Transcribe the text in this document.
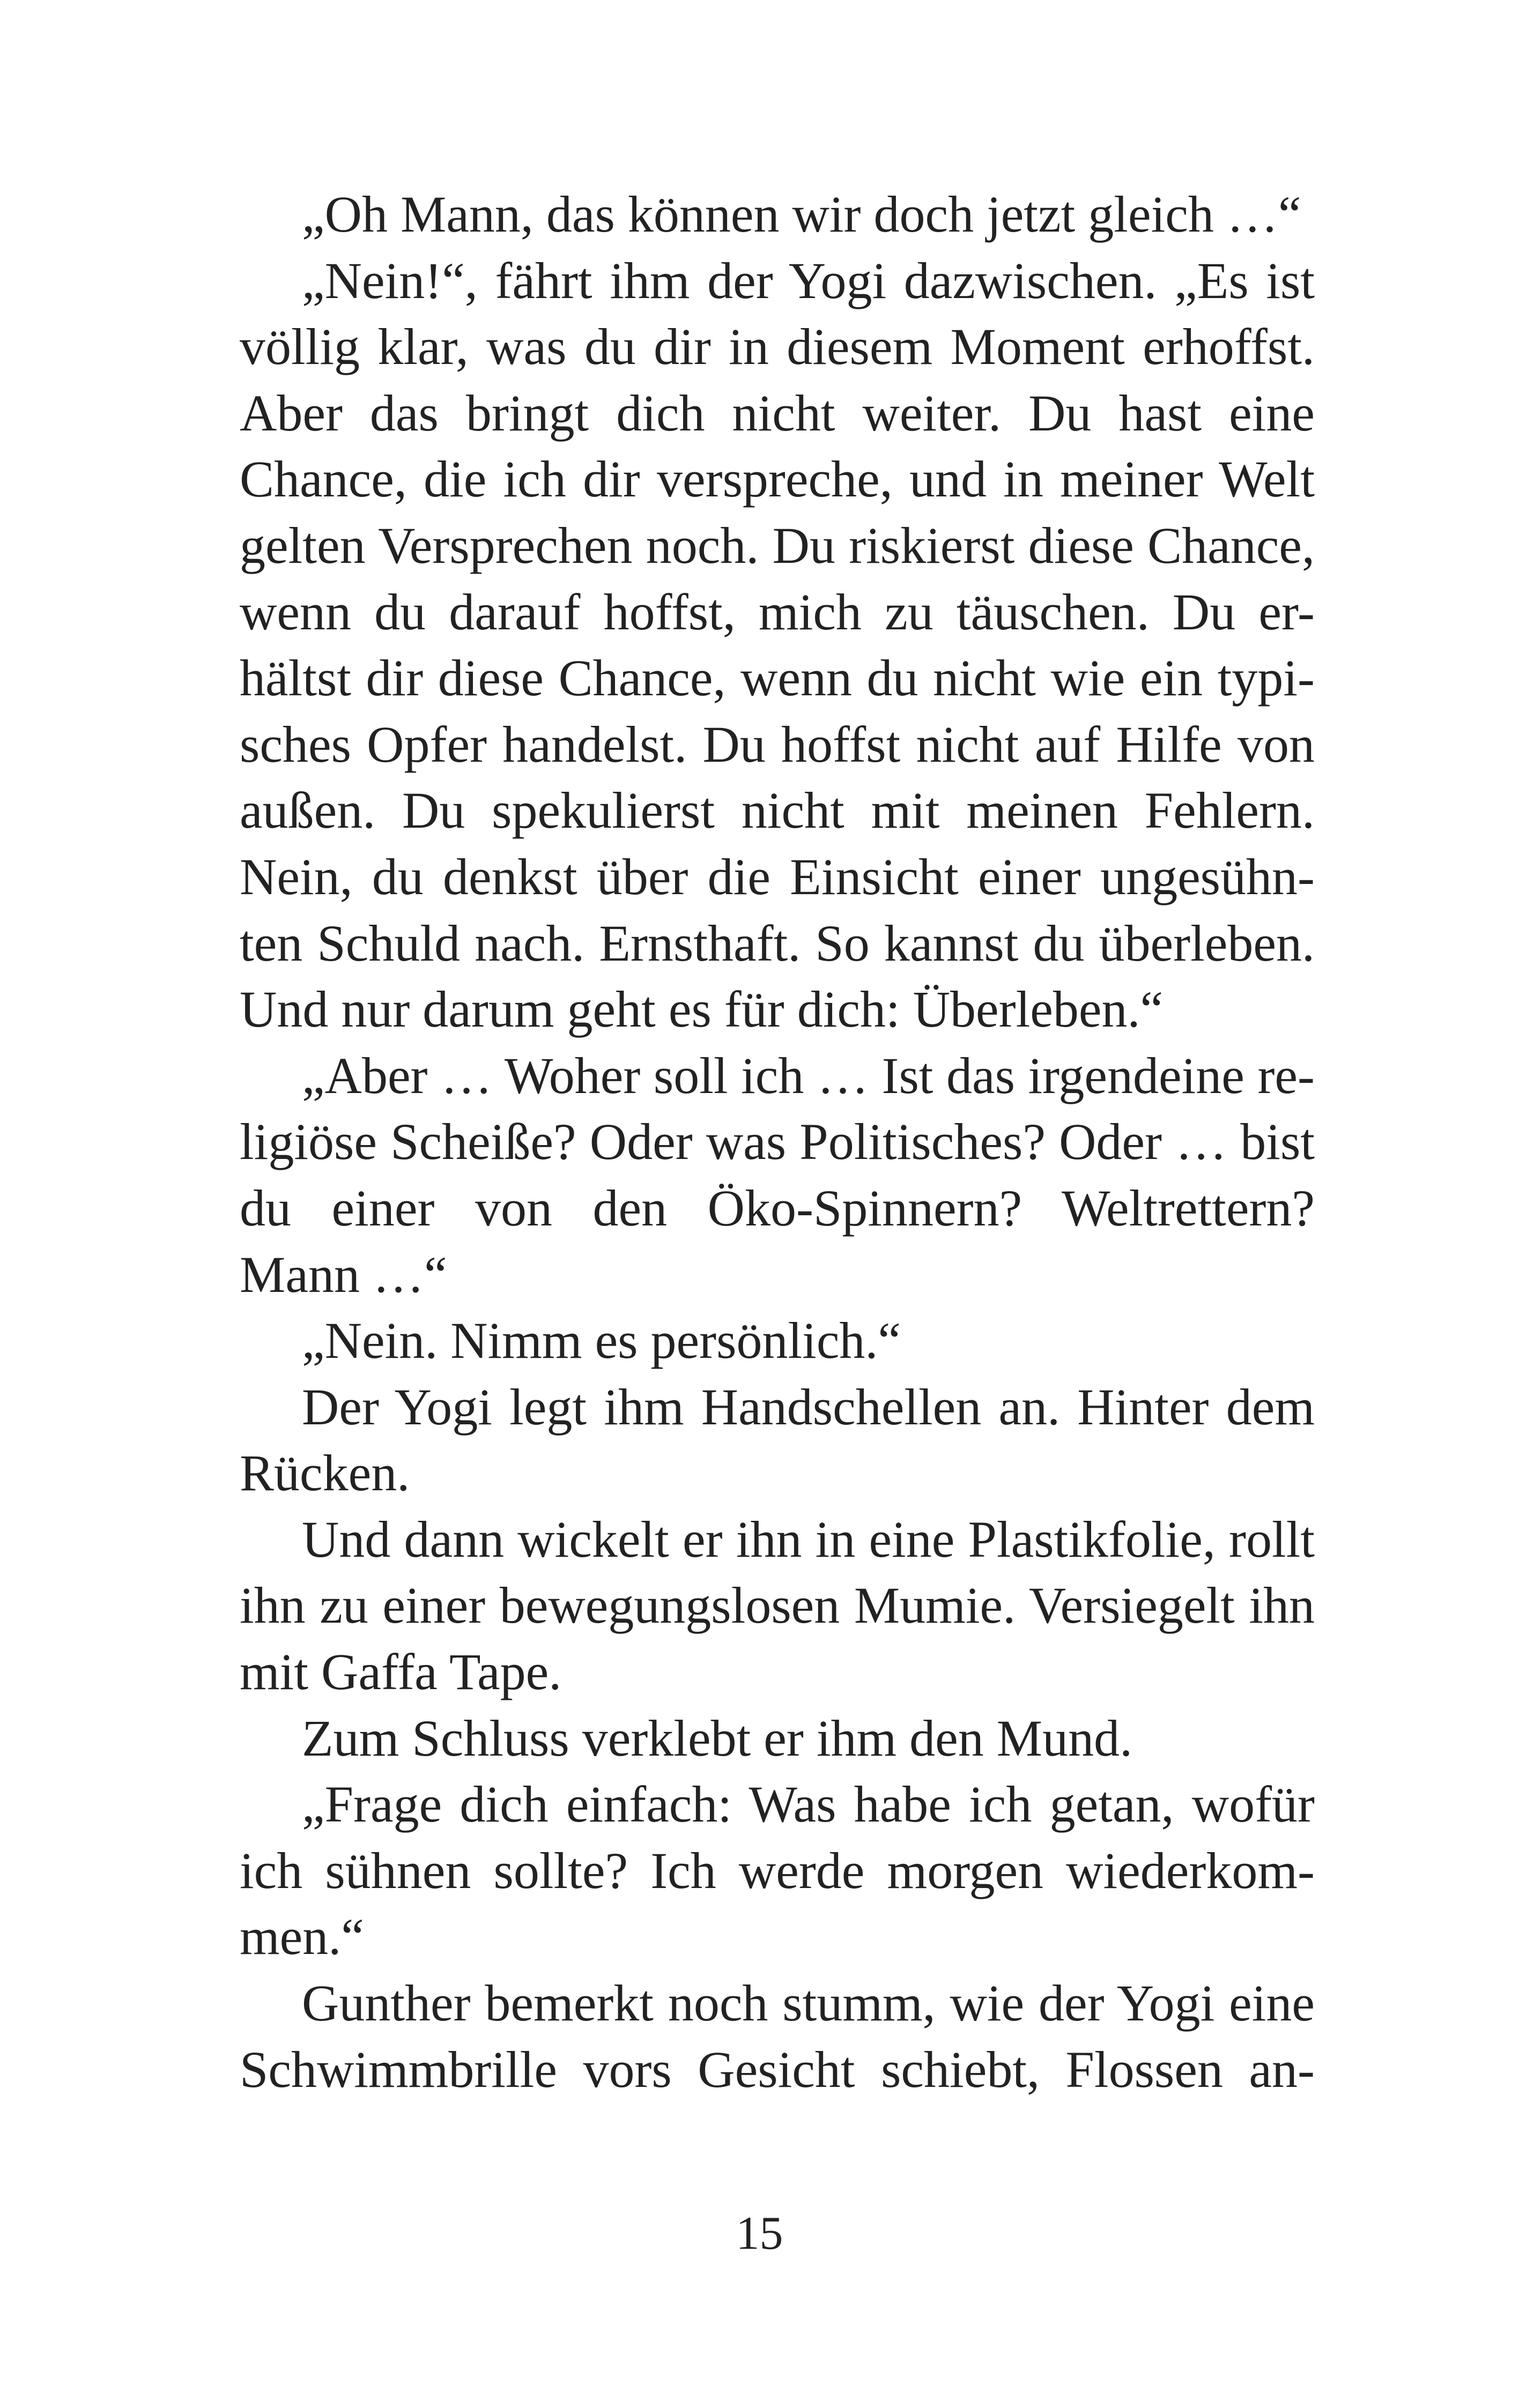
„Oh Mann, das können wir doch jetzt gleich …“
„Nein!“, fährt ihm der Yogi dazwischen. „Es ist
völlig klar, was du dir in diesem Moment erhoffst.
Aber das bringt dich nicht weiter. Du hast eine
Chance, die ich dir verspreche, und in meiner Welt
gelten Versprechen noch. Du riskierst diese Chance,
wenn du darauf hoffst, mich zu täuschen. Du er-
hältst dir diese Chance, wenn du nicht wie ein typi-
sches Opfer handelst. Du hoffst nicht auf Hilfe von
außen. Du spekulierst nicht mit meinen Fehlern.
Nein, du denkst über die Einsicht einer ungesühn-
ten Schuld nach. Ernsthaft. So kannst du überleben.
Und nur darum geht es für dich: Überleben.“
„Aber … Woher soll ich … Ist das irgendeine re-
ligiöse Scheiße? Oder was Politisches? Oder … bist
du einer von den Öko-Spinnern? Weltrettern?
Mann …“
„Nein. Nimm es persönlich.“
Der Yogi legt ihm Handschellen an. Hinter dem
Rücken.
Und dann wickelt er ihn in eine Plastikfolie, rollt
ihn zu einer bewegungslosen Mumie. Versiegelt ihn
mit Gaffa Tape.
Zum Schluss verklebt er ihm den Mund.
„Frage dich einfach: Was habe ich getan, wofür
ich sühnen sollte? Ich werde morgen wiederkom-
men.“
Gunther bemerkt noch stumm, wie der Yogi eine
Schwimmbrille vors Gesicht schiebt, Flossen an-
15
